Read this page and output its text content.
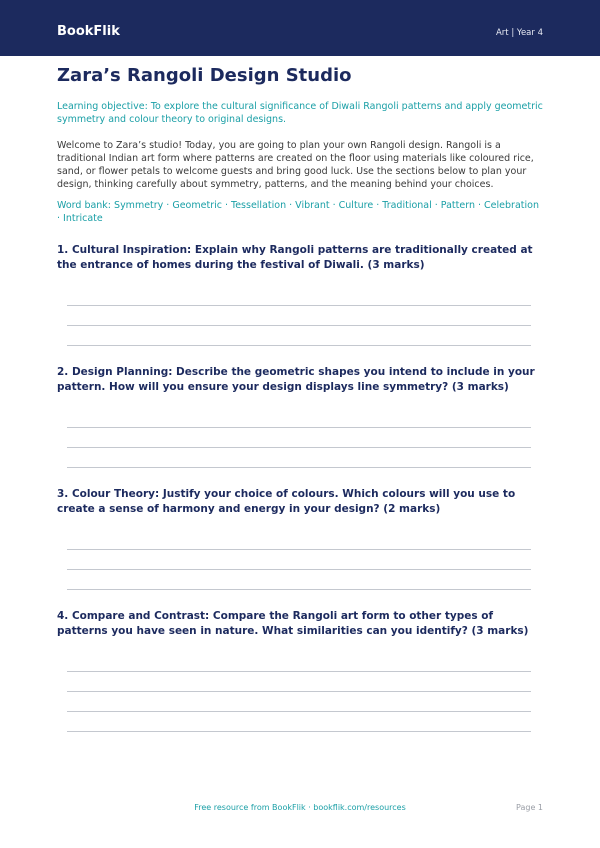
BookFlik	Art | Year 4
Zara’s Rangoli Design Studio
Learning objective: To explore the cultural significance of Diwali Rangoli patterns and apply geometric symmetry and colour theory to original designs.
Welcome to Zara’s studio! Today, you are going to plan your own Rangoli design. Rangoli is a traditional Indian art form where patterns are created on the floor using materials like coloured rice, sand, or flower petals to welcome guests and bring good luck. Use the sections below to plan your design, thinking carefully about symmetry, patterns, and the meaning behind your choices.
Word bank: Symmetry · Geometric · Tessellation · Vibrant · Culture · Traditional · Pattern · Celebration · Intricate
1. Cultural Inspiration: Explain why Rangoli patterns are traditionally created at the entrance of homes during the festival of Diwali. (3 marks)
2. Design Planning: Describe the geometric shapes you intend to include in your pattern. How will you ensure your design displays line symmetry? (3 marks)
3. Colour Theory: Justify your choice of colours. Which colours will you use to create a sense of harmony and energy in your design? (2 marks)
4. Compare and Contrast: Compare the Rangoli art form to other types of patterns you have seen in nature. What similarities can you identify? (3 marks)
Free resource from BookFlik · bookflik.com/resources	Page 1
